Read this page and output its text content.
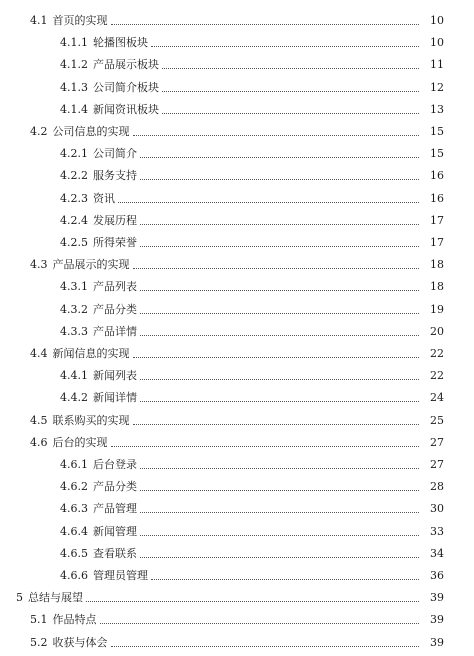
4.1 首页的实现	10
4.1.1 轮播图板块	10
4.1.2 产品展示板块	11
4.1.3 公司简介板块	12
4.1.4 新闻资讯板块	13
4.2 公司信息的实现	15
4.2.1 公司简介	15
4.2.2 服务支持	16
4.2.3 资讯	16
4.2.4 发展历程	17
4.2.5 所得荣誉	17
4.3 产品展示的实现	18
4.3.1 产品列表	18
4.3.2 产品分类	19
4.3.3 产品详情	20
4.4 新闻信息的实现	22
4.4.1 新闻列表	22
4.4.2 新闻详情	24
4.5 联系购买的实现	25
4.6 后台的实现	27
4.6.1 后台登录	27
4.6.2 产品分类	28
4.6.3 产品管理	30
4.6.4 新闻管理	33
4.6.5 查看联系	34
4.6.6 管理员管理	36
5 总结与展望	39
5.1 作品特点	39
5.2 收获与体会	39
